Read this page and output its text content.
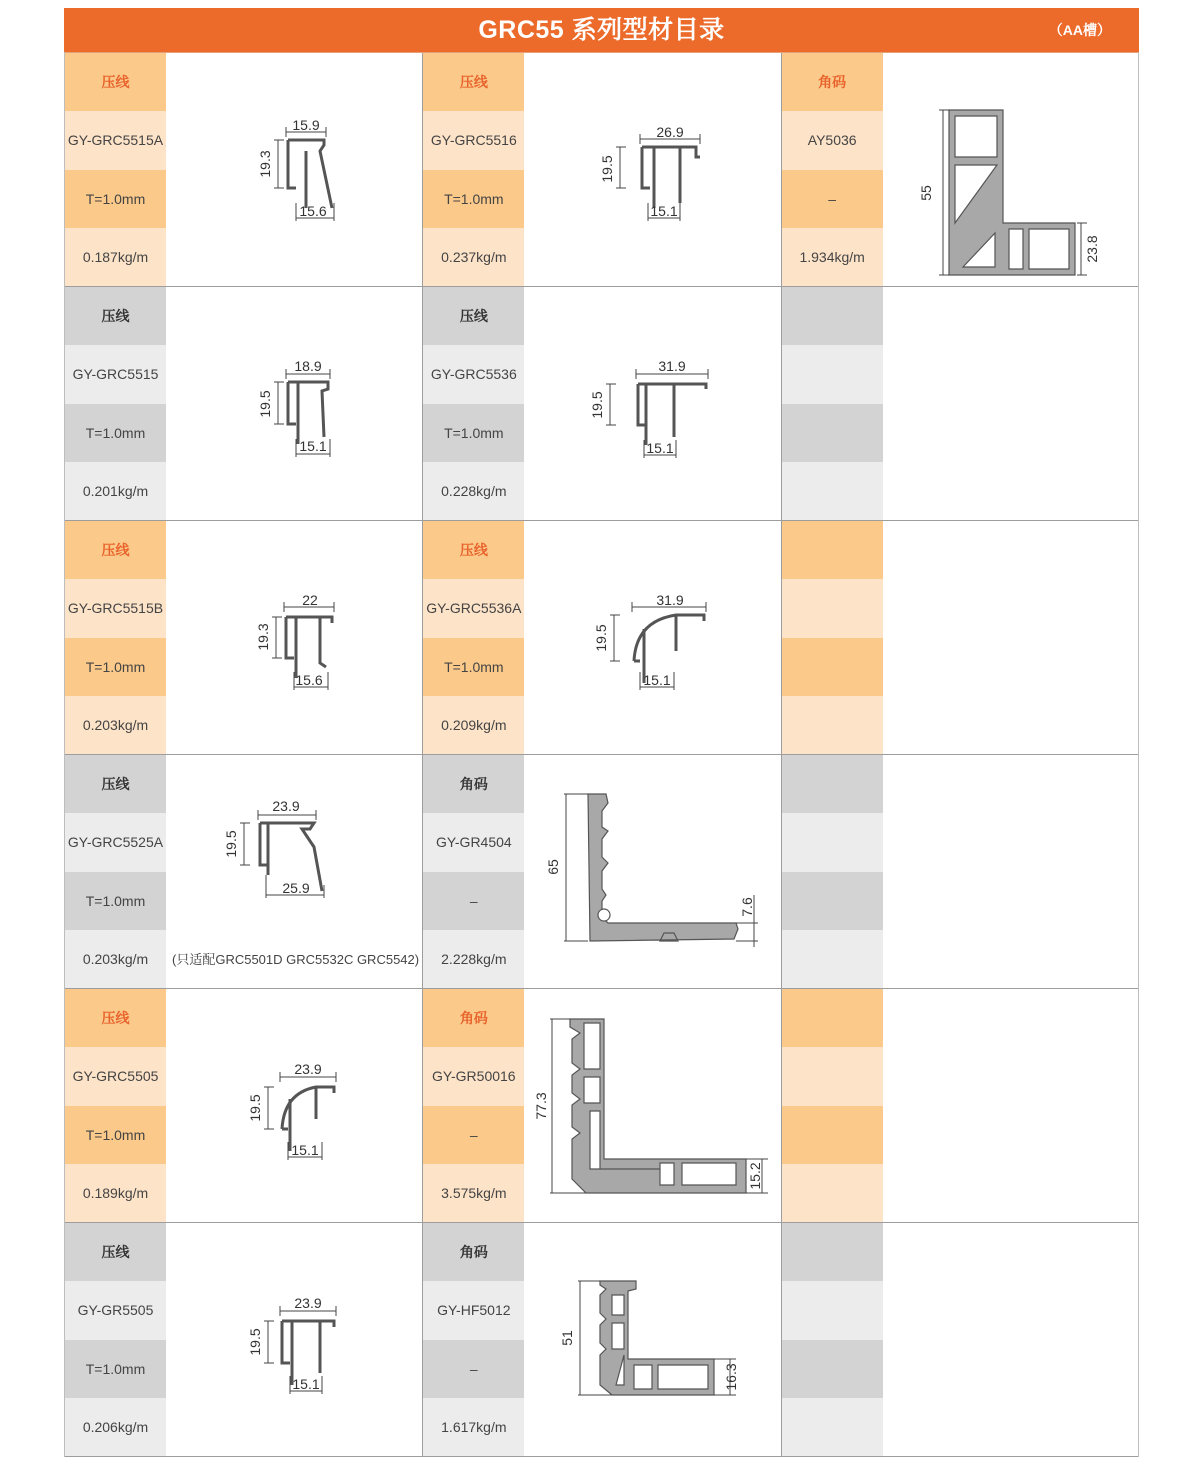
GRC55 系列型材目录	（AA槽）
压线
GY-GRC5515A
T=1.0mm
0.187kg/m
15.9
19.3
15.6
压线
GY-GRC5516
T=1.0mm
0.237kg/m
26.9
19.5
15.1
角码
AY5036
–
1.934kg/m
55
23.8
压线
GY-GRC5515
T=1.0mm
0.201kg/m
18.9
19.5
15.1
压线
GY-GRC5536
T=1.0mm
0.228kg/m
31.9
19.5
15.1
压线
GY-GRC5515B
T=1.0mm
0.203kg/m
22
19.3
15.6
压线
GY-GRC5536A
T=1.0mm
0.209kg/m
31.9
19.5
15.1
压线
GY-GRC5525A
T=1.0mm
0.203kg/m
23.9
19.5
25.9
(只适配GRC5501D GRC5532C GRC5542)
角码
GY-GR4504
–
2.228kg/m
65
7.6
压线
GY-GRC5505
T=1.0mm
0.189kg/m
23.9
19.5
15.1
角码
GY-GR50016
–
3.575kg/m
77.3
15.2
压线
GY-GR5505
T=1.0mm
0.206kg/m
23.9
19.5
15.1
角码
GY-HF5012
–
1.617kg/m
51
16.3
